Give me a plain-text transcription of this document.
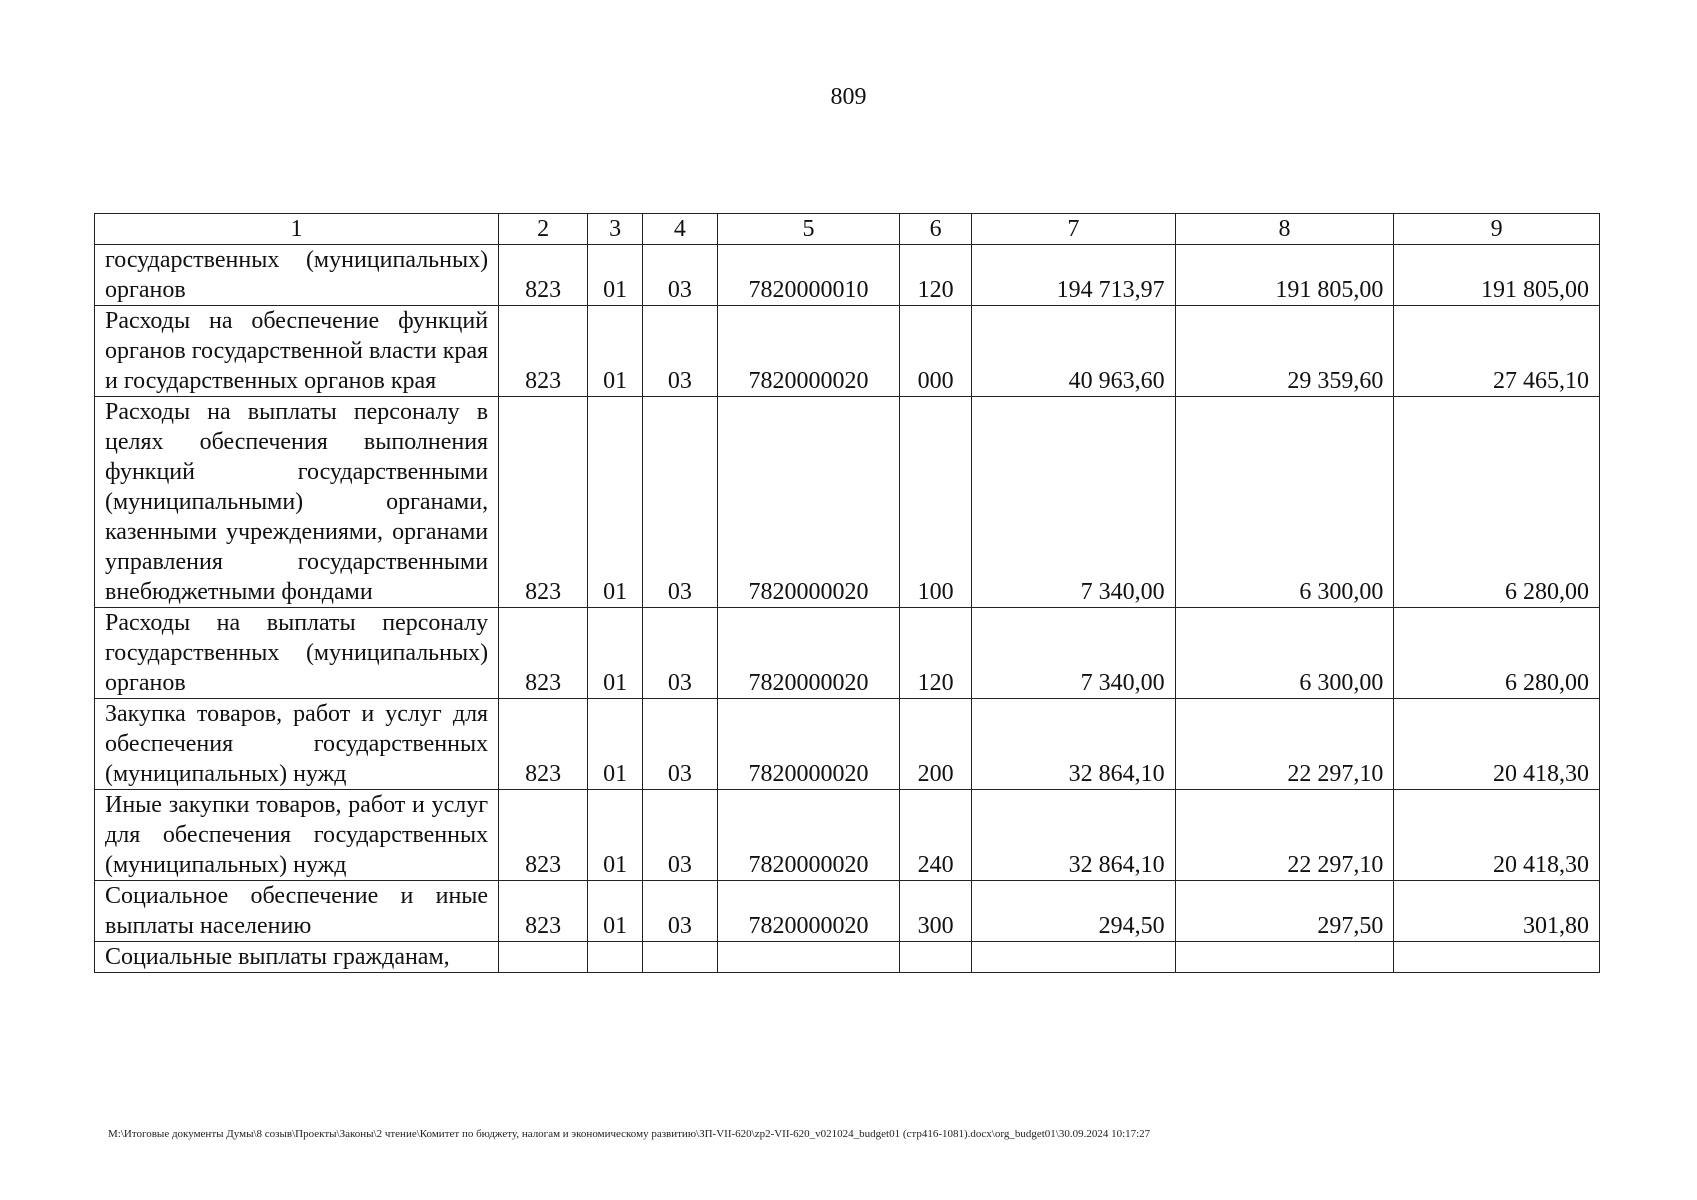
809
1	2	3	4	5	6	7	8	9
государственных (муниципальных) органов	823	01	03	7820000010	120	194 713,97	191 805,00	191 805,00
Расходы на обеспечение функций органов государственной власти края и государственных органов края	823	01	03	7820000020	000	40 963,60	29 359,60	27 465,10
Расходы на выплаты персоналу в целях обеспечения выполнения функций государственными (муниципальными) органами, казенными учреждениями, органами управления государственными внебюджетными фондами	823	01	03	7820000020	100	7 340,00	6 300,00	6 280,00
Расходы на выплаты персоналу государственных (муниципальных) органов	823	01	03	7820000020	120	7 340,00	6 300,00	6 280,00
Закупка товаров, работ и услуг для обеспечения государственных (муниципальных) нужд	823	01	03	7820000020	200	32 864,10	22 297,10	20 418,30
Иные закупки товаров, работ и услуг для обеспечения государственных (муниципальных) нужд	823	01	03	7820000020	240	32 864,10	22 297,10	20 418,30
Социальное обеспечение и иные выплаты населению	823	01	03	7820000020	300	294,50	297,50	301,80
Социальные выплаты гражданам,								
M:\Итоговые документы Думы\8 созыв\Проекты\Законы\2 чтение\Комитет по бюджету, налогам и экономическому развитию\ЗП-VII-620\zp2-VII-620_v021024_budget01 (стр416-1081).docx\org_budget01\30.09.2024 10:17:27
